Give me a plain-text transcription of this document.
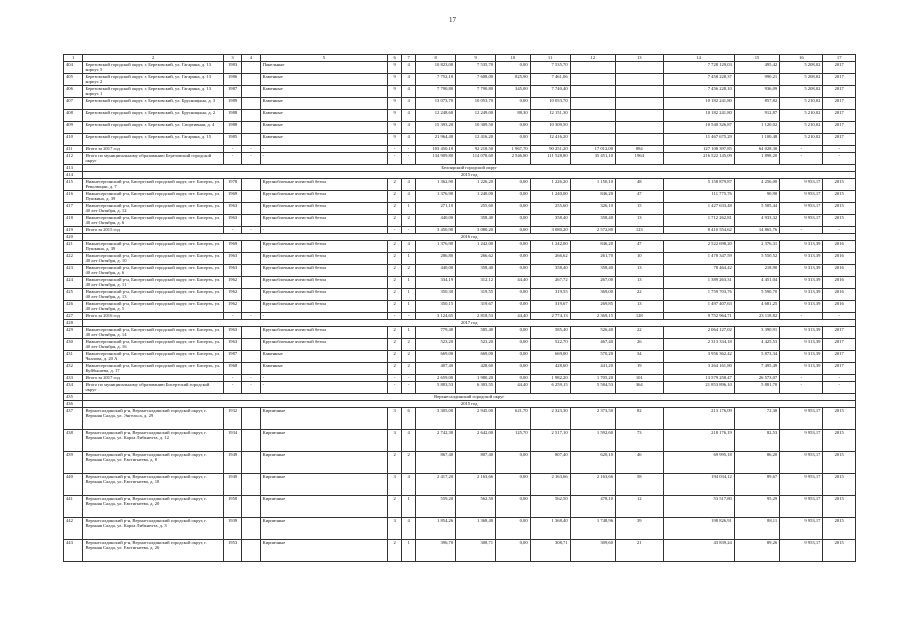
17
1	2	3	4	5	6	7	8	9	10	11	12	13	14	15	16	17
404	Березовский городской округ, г. Березовский, ул. Гагарина, д. 13 корпус 5	1983		Панельные	9	4	10 823,00	7 535,70	0,00	7 535,70			7 728 129,03	495,42	5 208,02	2017
405	Березовский городской округ, г. Березовский, ул. Гагарина, д. 13 корпус 2	1986		Каменные	9	4	7 752,10	7 608,00	825,90	7 461,06			7 458 228,37	990,21	5 208,02	2017
406	Березовский городской округ, г. Березовский, ул. Гагарина, д. 13 корпус 1	1987		Каменные	9	4	7 790,80	7 790,80	345,00	7 740,40			7 456 228,10	936,09	5 208,02	2017
407	Березовский городской округ, г. Березовский, ул. Брусницына, д. 3	1989		Каменные	9	4	13 073,70	10 053,70	0,00	10 053,70			10 182 241,80	857,82	5 210,02	2017
408	Березовский городской округ, г. Березовский, ул. Брусницына, д. 2	1988		Каменные	9	4	12 248,60	12 249,00	88,30	12 151,30			10 182 241,80	912,87	5 210,02	2017
409	Березовский городской округ, г. Березовский, ул. Спортивная, д. 4	1988		Каменные	9	4	15 393,20	10 309,50	0,00	10 309,50			10 540 326,87	1 120,02	5 210,02	2017
410	Березовский городской округ, г. Березовский, ул. Гагарина, д. 15	1985		Каменные	9	4	21 964,40	12 416,20	0,00	12 416,20			11 467 675,29	1 100,48	5 210,02	2017
411	Итого за 2017 год	-	-	-	-	-	103 450,10	92 218,50	1 967,70	90 251,20	17 012,00	884	127 108 397,85	64 028,30	-	-
412	Итого по муниципальному образованию Березовский городской округ	-	-	-	-	-	134 909,80	114 078,60	2 546,80	111 528,80	35 451,10	1964	216 522 145,09	1 898,20	-	-
413	Белоярский городской округ															
414	2015 год															
415	Нижнесергинский р-н, Бисертский городской округ, пгт. Бисерть, ул. Революции, д. 7	1978		Крупноблочные ячеистый бетон	2	4	1 362,90	1 226,20	0,00	1 226,20	1 150,10	48	5 158 879,87	4 256,00	9 953,17	2015
416	Нижнесергинский р-н, Бисертский городской округ, пгт. Бисерть, ул. Пушкина, д. 39	1969		Крупноблочные ячеистый бетон	2	4	1 376,90	1 240,00	0,00	1 240,00	846,20	47	111 775,76	90,90	9 953,17	2015
417	Нижнесергинский р-н, Бисертский городской округ, пгт. Бисерть, ул. 40 лет Октября, д. 12	1963		Крупноблочные ячеистый бетон	2	1	271,10	255,60	0,00	255,60	326,10	15	1 427 633,48	5 585,44	9 953,17	2015
418	Нижнесергинский р-н, Бисертский городской округ, пгт. Бисерть, ул. 40 лет Октября, д. 6	1963		Крупноблочные ячеистый бетон	2	2	440,00	358,40	0,00	358,40	358,40	13	1 712 262,81	4 933,32	9 953,17	2015
419	Итого за 2015 год	-	-	-	-	-	3 450,90	3 080,20	0,00	3 080,20	2 572,80	123	8 410 554,62	14 865,76	-	-
420	2016 год															
421	Нижнесергинский р-н, Бисертский городской округ, пгт. Бисерть, ул. Пушкина, д. 39	1969		Крупноблочные ячеистый бетон	2	4	1 376,90	1 242,00	0,00	1 242,00	846,20	47	2 522 698,20	2 376,31	9 313,39	2016
422	Нижнесергинский р-н, Бисертский городской округ, пгт. Бисерть, ул. 40 лет Октября, д. 10	1963		Крупноблочные ячеистый бетон	2	1	286,80	266,62	0,00	266,62	261,70	10	1 478 347,59	5 550,52	9 313,39	2016
423	Нижнесергинский р-н, Бисертский городской округ, пгт. Бисерть, ул. 40 лет Октября, д. 6	1963		Крупноблочные ячеистый бетон	2	2	440,00	358,40	0,00	358,40	358,40	13	78 464,42	218,90	9 313,39	2016
424	Нижнесергинский р-н, Бисертский городской округ, пгт. Бисерть, ул. 40 лет Октября, д. 11	1962		Крупноблочные ячеистый бетон	2	1	334,19	312,12	44,40	267,72	267,00	13	1 389 263,31	4 451,04	9 313,39	2016
425	Нижнесергинский р-н, Бисертский городской округ, пгт. Бисерть, ул. 40 лет Октября, д. 13	1962		Крупноблочные ячеистый бетон	2	1	350,30	319,55	0,00	319,55	369,00	22	1 759 703,76	5 590,70	9 313,39	2016
426	Нижнесергинский р-н, Бисертский городской округ, пгт. Бисерть, ул. 40 лет Октября, д. 5	1962		Крупноблочные ячеистый бетон	2	1	350,15	319,67	0,00	319,67	269,85	13	1 497 407,63	4 681,25	9 313,39	2016
427	Итого за 2016 год	-	-	-	-	-	3 124,65	2 818,53	44,40	2 774,13	2 369,15	128	9 752 964,71	23 118,82	-	-
428	2017 год															
429	Нижнесергинский р-н, Бисертский городской округ, пгт. Бисерть, ул. 40 лет Октября, д. 14	1963		Крупноблочные ячеистый бетон	2	1	779,40	585,40	0,00	585,40	526,40	22	2 064 127,02	3 390,91	9 313,39	2017
430	Нижнесергинский р-н, Бисертский городской округ, пгт. Бисерть, ул. 40 лет Октября, д. 16	1963		Крупноблочные ячеистый бетон	2	2	523,20	523,20	0,00	522,70	467,40	26	2 313 334,18	4 425,53	9 313,39	2017
431	Нижнесергинский р-н, Бисертский городской округ, пгт. Бисерть, ул. Чкалова, д. 20 А	1987		Каменные	2	2	669,00	669,00	0,00	669,00	570,20	34	3 956 362,42	5 873,34	9 313,39	2017
432	Нижнесергинский р-н, Бисертский городской округ, пгт. Бисерть, ул. Куйбышева, д. 17	1968		Каменные	2	2	407,40	428,60	0,00	428,60	441,20	19	3 264 161,80	7 495,49	9 313,39	2017
433	Итого за 2017 год	-	-	-	-	-	2 659,00	1 980,20	0,00	1 982,20	1 705,20	101	13 579 258,47	26 573,07	-	-
434	Итого по муниципальному образованию Бисертский городской округ	-	-	-	-	-	5 883,53	6 303,55	44,40	6 259,15	5 584,53	364	21 853 896,10	5 881,70	-	-
435	Верхнесалдинский городской округ															
436	2015 год															
437	Верхнесалдинский р-н, Верхнесалдинский городской округ, г. Верхняя Салда, ул. Энгельса, д. 29	1932		Кирпичные	3	6	3 305,00	2 945,00	621,70	2 323,30	2 373,50	82	213 176,09	72,38	9 953,17	2015
438	Верхнесалдинский р-н, Верхнесалдинский городской округ, г. Верхняя Салда, ул. Карла Либкнехта, д. 12	1934		Кирпичные	3	4	2 742,30	2 642,00	125,70	2 517,10	1 592,60	73	218 176,19	82,53	9 953,17	2015
439	Верхнесалдинский р-н, Верхнесалдинский городской округ, г. Верхняя Салда, ул. Евстигнеева, д. 8	1949		Кирпичные	2	2	867,40	807,40	0,00	807,40	620,10	46	69 995,18	86,20	9 953,17	2015
440	Верхнесалдинский р-н, Верхнесалдинский городской округ, г. Верхняя Салда, ул. Евстигнеева, д. 18	1949		Кирпичные	3	4	2 417,20	2 163,66	0,00	2 163,66	2 163,66	58	194 034,12	89,67	9 953,17	2015
441	Верхнесалдинский р-н, Верхнесалдинский городской округ, г. Верхняя Салда, ул. Евстигнеева, д. 20	1950		Кирпичные	2	1	559,20	562,50	0,00	562,50	478,10	12	53 517,80	95,29	9 953,17	2015
442	Верхнесалдинский р-н, Верхнесалдинский городской округ, г. Верхняя Салда, ул. Карла Либкнехта, д. 3	1939		Кирпичные	3	4	1 854,26	1 368,40	0,00	1 368,40	1 748,96	39	198 826,91	88,11	9 953,17	2015
443	Верхнесалдинский р-н, Верхнесалдинский городской округ, г. Верхняя Салда, ул. Евстигнеева, д. 26	1953		Кирпичные	2	1	396,70	308,71	0,00	308,71	309,60	21	43 839,24	89,26	9 953,17	2015
